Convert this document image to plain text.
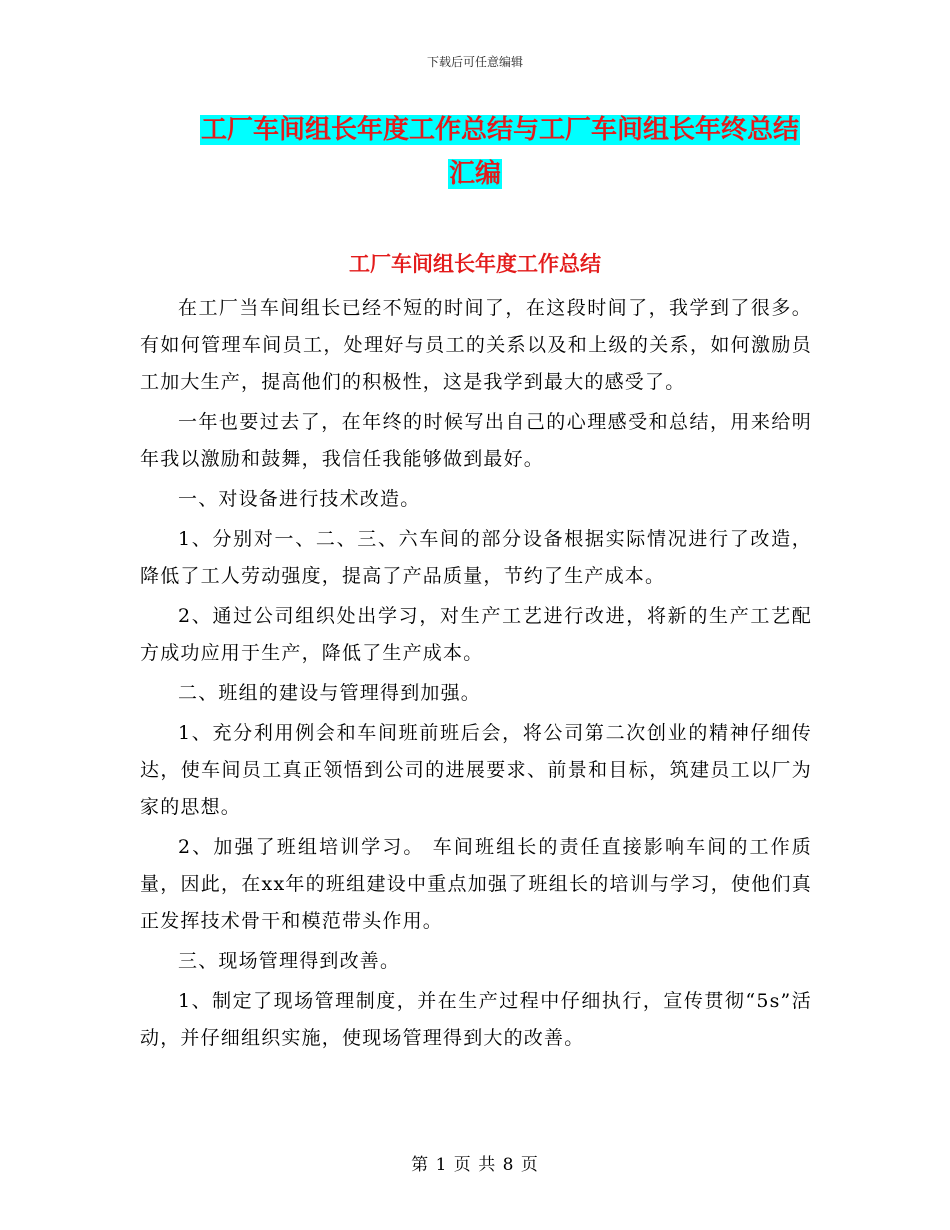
下载后可任意编辑
工厂车间组长年度工作总结与工厂车间组长年终总结
汇编
工厂车间组长年度工作总结

在工厂当车间组长已经不短的时间了，在这段时间了，我学到了很多。有如何管理车间员工，处理好与员工的关系以及和上级的关系，如何激励员工加大生产，提高他们的积极性，这是我学到最大的感受了。

一年也要过去了，在年终的时候写出自己的心理感受和总结，用来给明年我以激励和鼓舞，我信任我能够做到最好。

一、对设备进行技术改造。

1、分别对一、二、三、六车间的部分设备根据实际情况进行了改造，降低了工人劳动强度，提高了产品质量，节约了生产成本。

2、通过公司组织处出学习，对生产工艺进行改进，将新的生产工艺配方成功应用于生产，降低了生产成本。

二、班组的建设与管理得到加强。

1、充分利用例会和车间班前班后会，将公司第二次创业的精神仔细传达，使车间员工真正领悟到公司的进展要求、前景和目标，筑建员工以厂为家的思想。

2、加强了班组培训学习。 车间班组长的责任直接影响车间的工作质量，因此，在xx年的班组建设中重点加强了班组长的培训与学习，使他们真正发挥技术骨干和模范带头作用。

三、现场管理得到改善。

1、制定了现场管理制度，并在生产过程中仔细执行，宣传贯彻“5s”活动，并仔细组织实施，使现场管理得到大的改善。

第 1 页 共 8 页
